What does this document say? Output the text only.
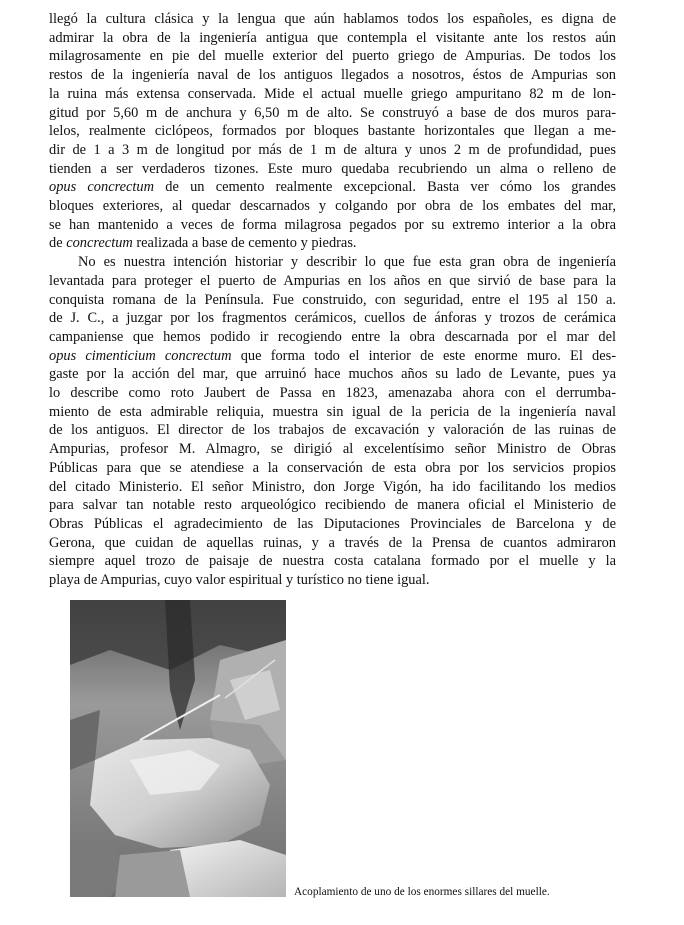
llegó la cultura clásica y la lengua que aún hablamos todos los españoles, es digna de
admirar la obra de la ingeniería antigua que contempla el visitante ante los restos aún
milagrosamente en pie del muelle exterior del puerto griego de Ampurias. De todos los
restos de la ingeniería naval de los antiguos llegados a nosotros, éstos de Ampurias son
la ruina más extensa conservada. Mide el actual muelle griego ampuritano 82 m de lon-
gitud por 5,60 m de anchura y 6,50 m de alto. Se construyó a base de dos muros para-
lelos, realmente ciclópeos, formados por bloques bastante horizontales que llegan a me-
dir de 1 a 3 m de longitud por más de 1 m de altura y unos 2 m de profundidad, pues
tienden a ser verdaderos tizones. Este muro quedaba recubriendo un alma o relleno de
opus concrectum de un cemento realmente excepcional. Basta ver cómo los grandes
bloques exteriores, al quedar descarnados y colgando por obra de los embates del mar,
se han mantenido a veces de forma milagrosa pegados por su extremo interior a la obra
de concrectum realizada a base de cemento y piedras.
No es nuestra intención historiar y describir lo que fue esta gran obra de ingeniería
levantada para proteger el puerto de Ampurias en los años en que sirvió de base para la
conquista romana de la Península. Fue construido, con seguridad, entre el 195 al 150 a.
de J. C., a juzgar por los fragmentos cerámicos, cuellos de ánforas y trozos de cerámica
campaniense que hemos podido ir recogiendo entre la obra descarnada por el mar del
opus cimenticium concrectum que forma todo el interior de este enorme muro. El des-
gaste por la acción del mar, que arruinó hace muchos años su lado de Levante, pues ya
lo describe como roto Jaubert de Passa en 1823, amenazaba ahora con el derrumba-
miento de esta admirable reliquia, muestra sin igual de la pericia de la ingeniería naval
de los antiguos. El director de los trabajos de excavación y valoración de las ruinas de
Ampurias, profesor M. Almagro, se dirigió al excelentísimo señor Ministro de Obras
Públicas para que se atendiese a la conservación de esta obra por los servicios propios
del citado Ministerio. El señor Ministro, don Jorge Vigón, ha ido facilitando los medios
para salvar tan notable resto arqueológico recibiendo de manera oficial el Ministerio de
Obras Públicas el agradecimiento de las Diputaciones Provinciales de Barcelona y de
Gerona, que cuidan de aquellas ruinas, y a través de la Prensa de cuantos admiraron
siempre aquel trozo de paisaje de nuestra costa catalana formado por el muelle y la
playa de Ampurias, cuyo valor espiritual y turístico no tiene igual.
Acoplamiento de uno de los enormes sillares del muelle.
